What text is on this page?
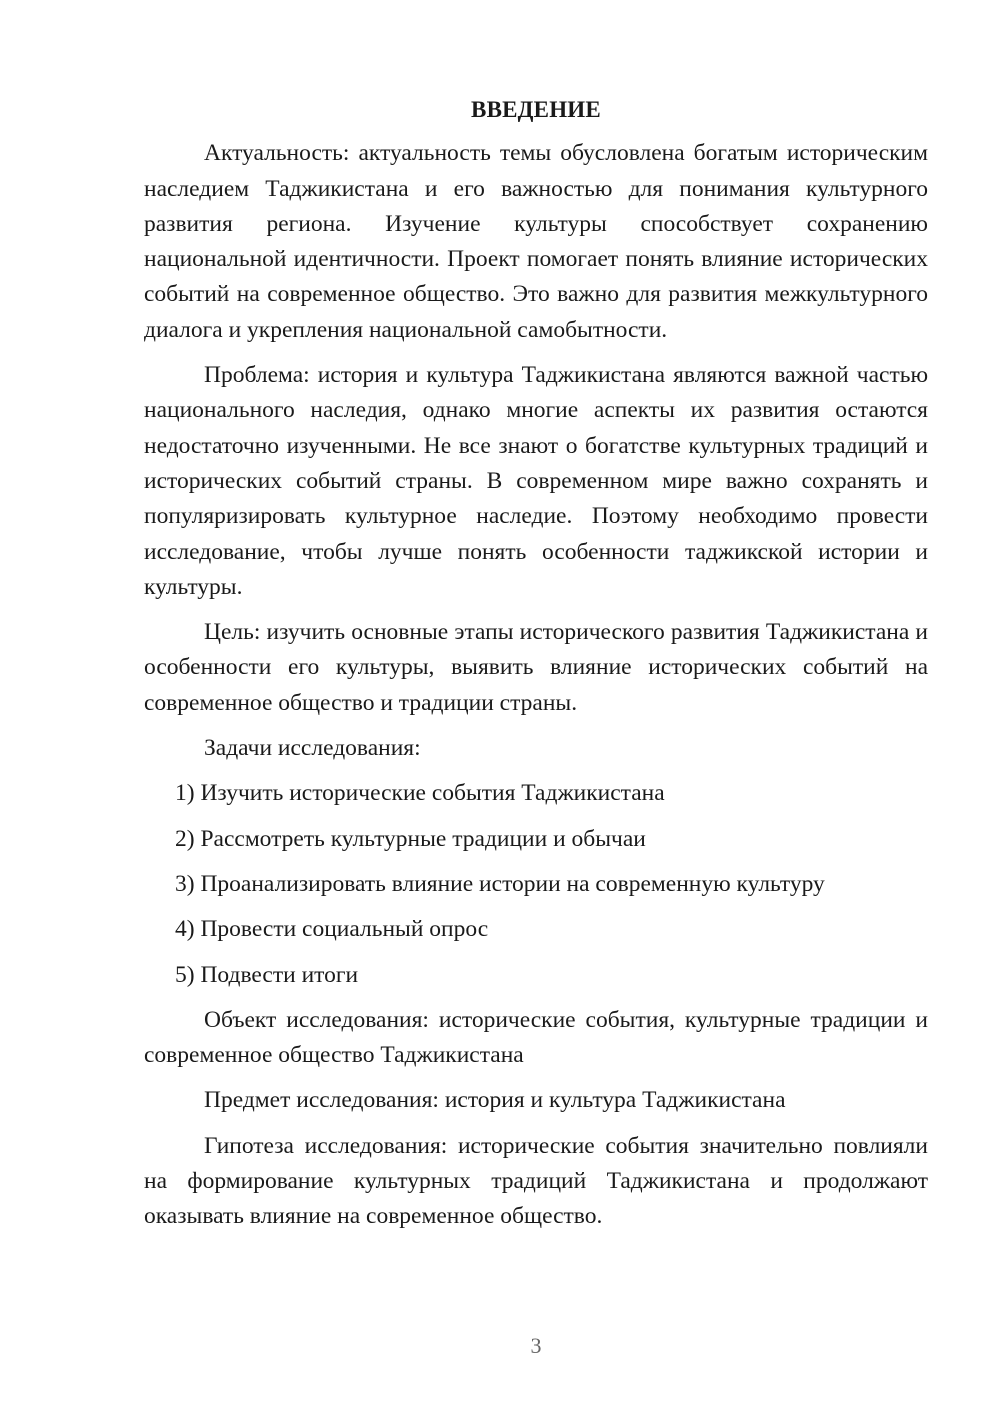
ВВЕДЕНИЕ

Актуальность: актуальность темы обусловлена богатым историческим наследием Таджикистана и его важностью для понимания культурного развития региона. Изучение культуры способствует сохранению национальной идентичности. Проект помогает понять влияние исторических событий на современное общество. Это важно для развития межкультурного диалога и укрепления национальной самобытности.

Проблема: история и культура Таджикистана являются важной частью национального наследия, однако многие аспекты их развития остаются недостаточно изученными. Не все знают о богатстве культурных традиций и исторических событий страны. В современном мире важно сохранять и популяризировать культурное наследие. Поэтому необходимо провести исследование, чтобы лучше понять особенности таджикской истории и культуры.

Цель: изучить основные этапы исторического развития Таджикистана и особенности его культуры, выявить влияние исторических событий на современное общество и традиции страны.

Задачи исследования:

1) Изучить исторические события Таджикистана
2) Рассмотреть культурные традиции и обычаи
3) Проанализировать влияние истории на современную культуру
4) Провести социальный опрос
5) Подвести итоги

Объект исследования: исторические события, культурные традиции и современное общество Таджикистана

Предмет исследования: история и культура Таджикистана

Гипотеза исследования: исторические события значительно повлияли на формирование культурных традиций Таджикистана и продолжают оказывать влияние на современное общество.

3
